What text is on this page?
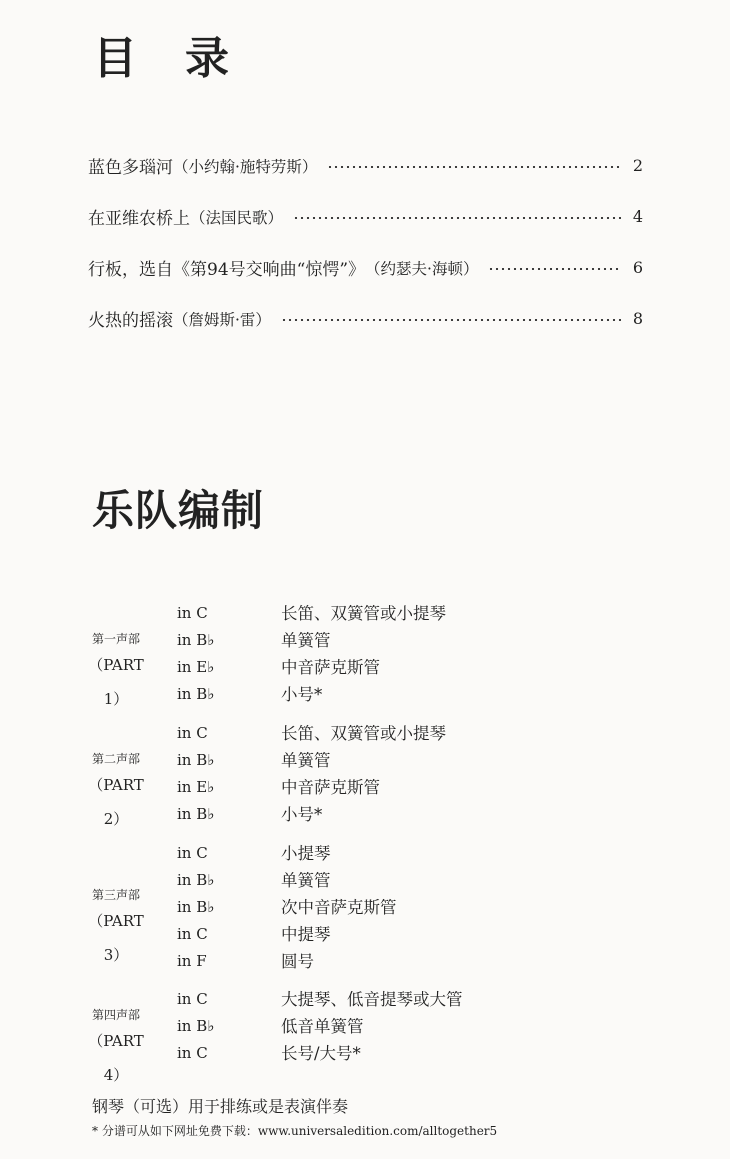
目　录
蓝色多瑙河 （小约翰·施特劳斯）	2
在亚维农桥上 （法国民歌）	4
行板，选自《第94号交响曲“惊愕”》 （约瑟夫·海顿）	6
火热的摇滚 （詹姆斯·雷）	8
乐队编制
第一声部
（PART 1）
in C	长笛、双簧管或小提琴
in B♭	单簧管
in E♭	中音萨克斯管
in B♭	小号*
第二声部
（PART 2）
in C	长笛、双簧管或小提琴
in B♭	单簧管
in E♭	中音萨克斯管
in B♭	小号*
第三声部
（PART 3）
in C	小提琴
in B♭	单簧管
in B♭	次中音萨克斯管
in C	中提琴
in F	圆号
第四声部
（PART 4）
in C	大提琴、低音提琴或大管
in B♭	低音单簧管
in C	长号/大号*
钢琴（可选）用于排练或是表演伴奏
* 分谱可从如下网址免费下载：www.universaledition.com/alltogether5
